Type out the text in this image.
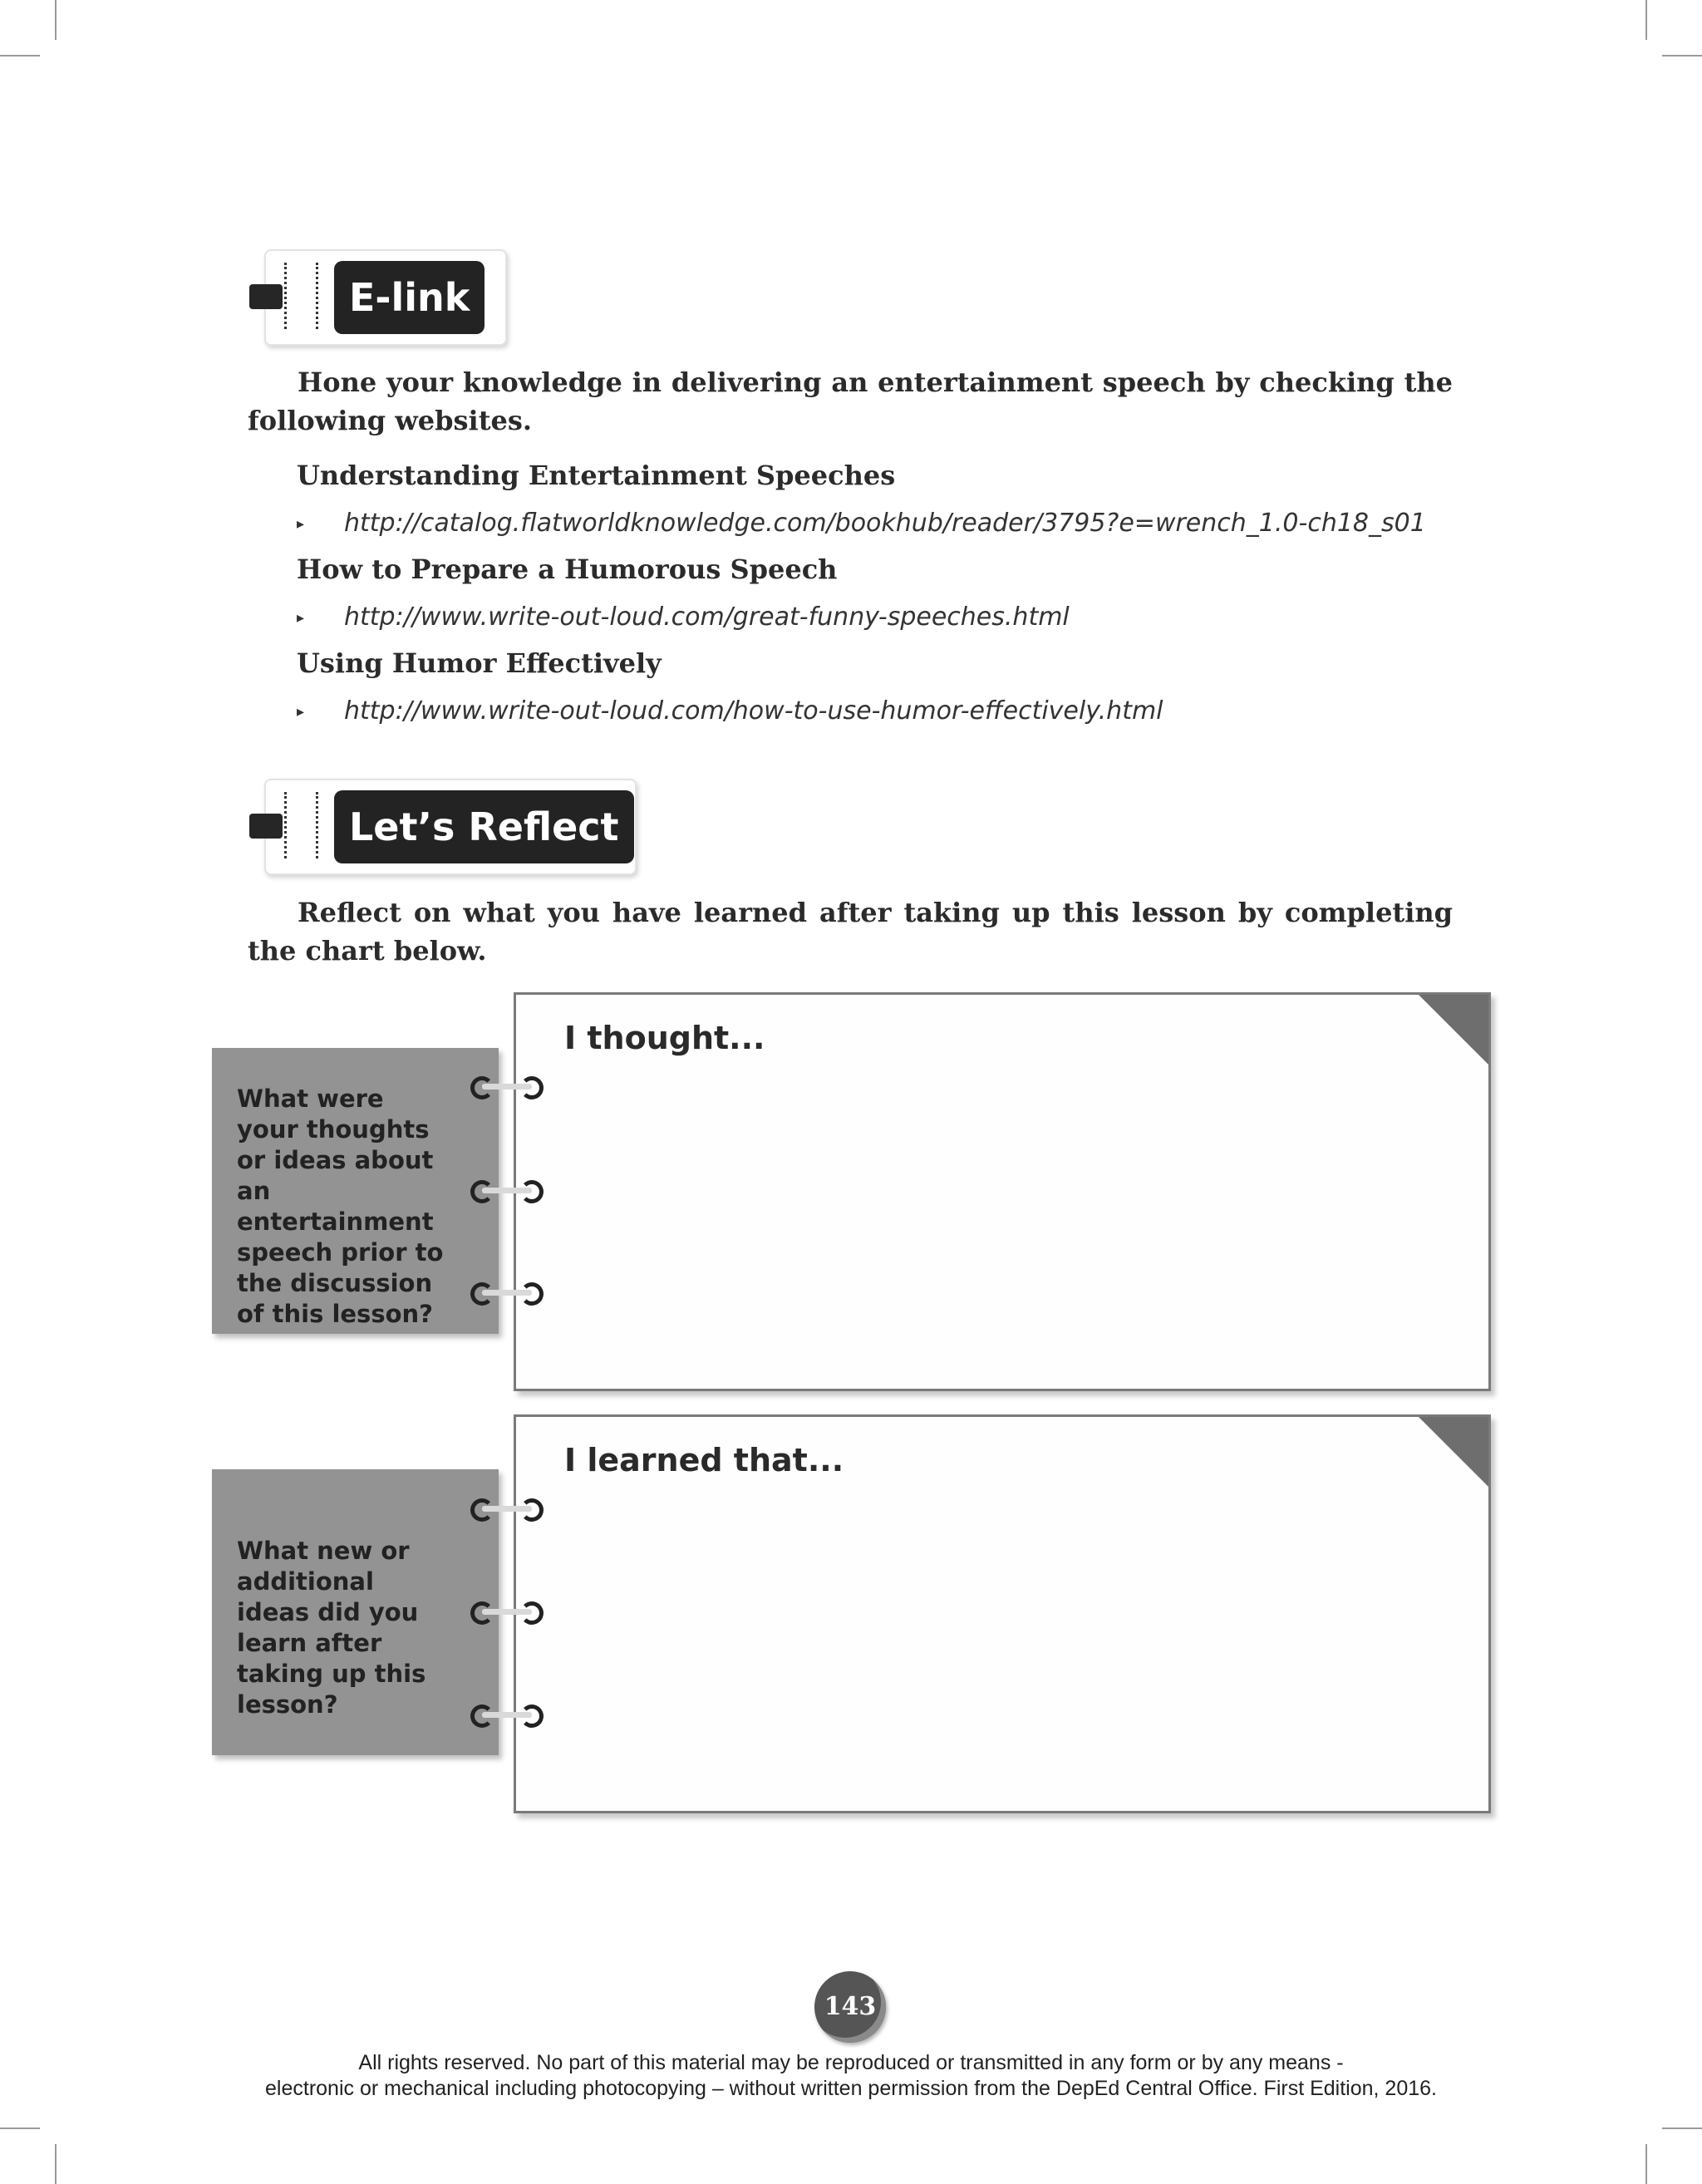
E-link
Hone your knowledge in delivering an entertainment speech by checking the following websites.
Understanding Entertainment Speeches
▸ http://catalog.flatworldknowledge.com/bookhub/reader/3795?e=wrench_1.0-ch18_s01
How to Prepare a Humorous Speech
▸ http://www.write-out-loud.com/great-funny-speeches.html
Using Humor Effectively
▸ http://www.write-out-loud.com/how-to-use-humor-effectively.html
Let’s Reflect
Reflect on what you have learned after taking up this lesson by completing the chart below.
What were your thoughts or ideas about an entertainment speech prior to the discussion of this lesson?
I thought...
What new or additional ideas did you learn after taking up this lesson?
I learned that...
143
All rights reserved. No part of this material may be reproduced or transmitted in any form or by any means -
electronic or mechanical including photocopying – without written permission from the DepEd Central Office. First Edition, 2016.
